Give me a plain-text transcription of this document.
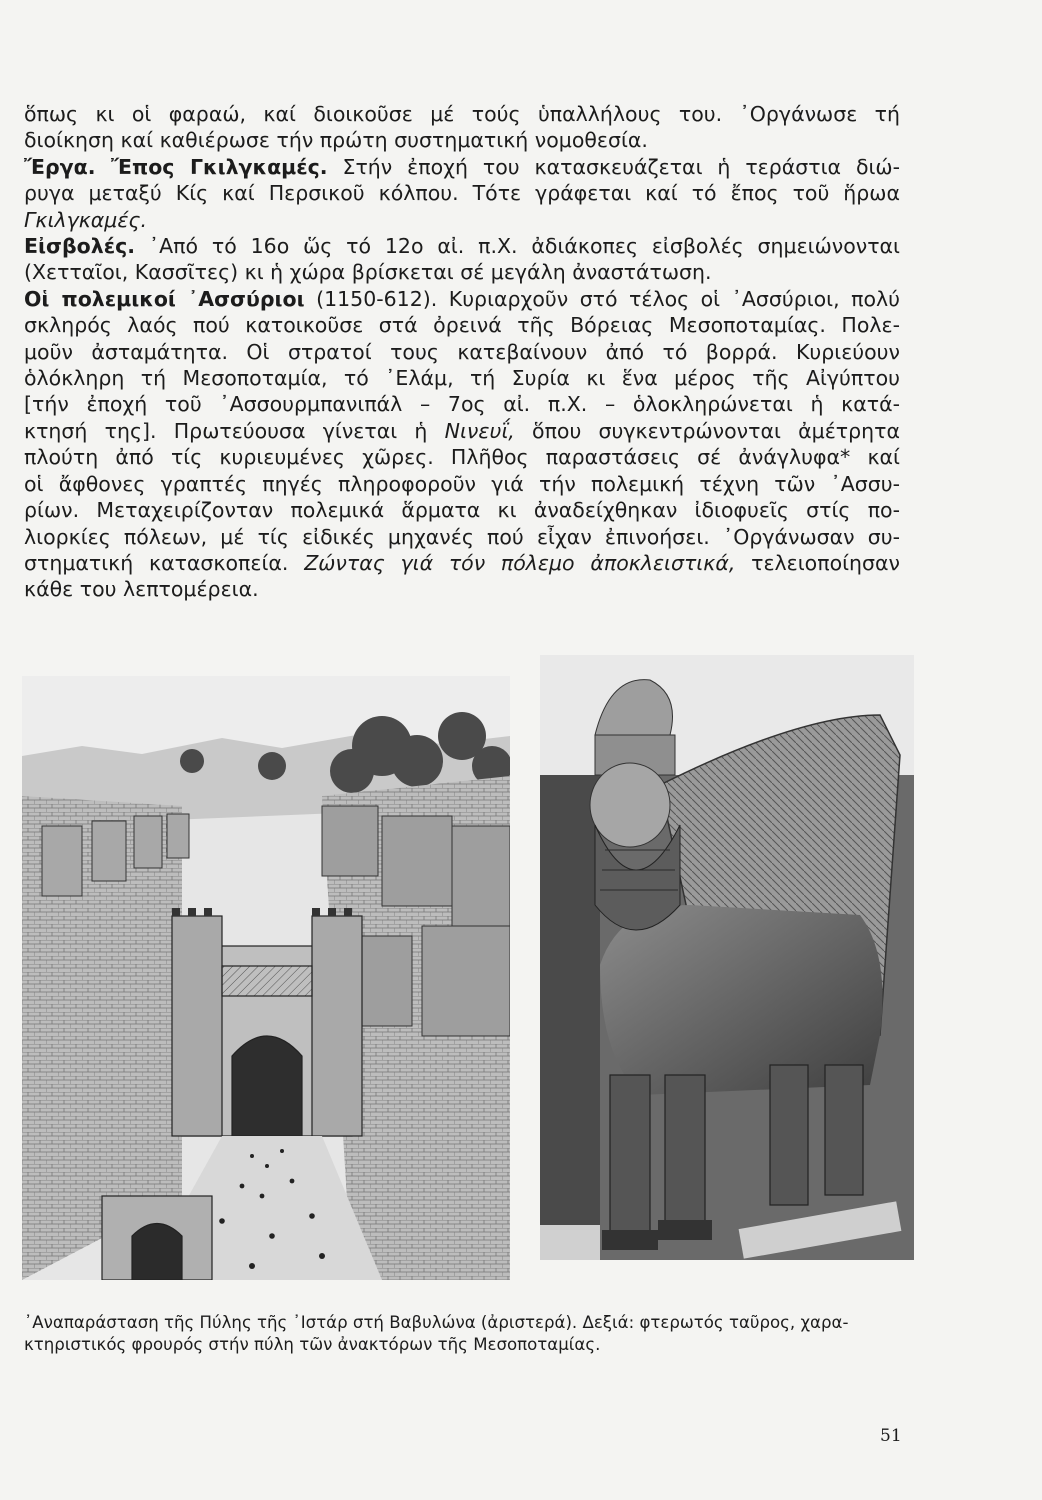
ὅπως κι οἱ φαραώ, καί διοικοῦσε μέ τούς ὑπαλλήλους του. ᾿Οργάνωσε τή
διοίκηση καί καθιέρωσε τήν πρώτη συστηματική νομοθεσία.
Ἔργα. Ἔπος Γκιλγκαμές. Στήν ἐποχή του κατασκευάζεται ἡ τεράστια διώ-
ρυγα μεταξύ Κίς καί Περσικοῦ κόλπου. Τότε γράφεται καί τό ἔπος τοῦ ἥρωα
Γκιλγκαμές.
Εἰσβολές. ᾿Από τό 16ο ὥς τό 12ο αἰ. π.Χ. ἀδιάκοπες εἰσβολές σημειώνονται
(Χετταῖοι, Κασσῖτες) κι ἡ χώρα βρίσκεται σέ μεγάλη ἀναστάτωση.
Οἱ πολεμικοί ᾿Ασσύριοι (1150-612). Κυριαρχοῦν στό τέλος οἱ ᾿Ασσύριοι, πολύ
σκληρός λαός πού κατοικοῦσε στά ὀρεινά τῆς Βόρειας Μεσοποταμίας. Πολε-
μοῦν ἀσταμάτητα. Οἱ στρατοί τους κατεβαίνουν ἀπό τό βορρά. Κυριεύουν
ὁλόκληρη τή Μεσοποταμία, τό ᾿Ελάμ, τή Συρία κι ἕνα μέρος τῆς Αἰγύπτου
[τήν ἐποχή τοῦ ᾿Ασσουρμπανιπάλ – 7ος αἰ. π.Χ. – ὁλοκληρώνεται ἡ κατά-
κτησή της]. Πρωτεύουσα γίνεται ἡ Νινευΐ, ὅπου συγκεντρώνονται ἀμέτρητα
πλούτη ἀπό τίς κυριευμένες χῶρες. Πλῆθος παραστάσεις σέ ἀνάγλυφα* καί
οἱ ἄφθονες γραπτές πηγές πληροφοροῦν γιά τήν πολεμική τέχνη τῶν ᾿Ασσυ-
ρίων. Μεταχειρίζονταν πολεμικά ἅρματα κι ἀναδείχθηκαν ἰδιοφυεῖς στίς πο-
λιορκίες πόλεων, μέ τίς εἰδικές μηχανές πού εἶχαν ἐπινοήσει. ᾿Οργάνωσαν συ-
στηματική κατασκοπεία. Ζώντας γιά τόν πόλεμο ἀποκλειστικά, τελειοποίησαν
κάθε του λεπτομέρεια.
᾿Αναπαράσταση τῆς Πύλης τῆς ᾿Ιστάρ στή Βαβυλώνα (ἀριστερά). Δεξιά: φτερωτός ταῦρος, χαρα-
κτηριστικός φρουρός στήν πύλη τῶν ἀνακτόρων τῆς Μεσοποταμίας.
51
